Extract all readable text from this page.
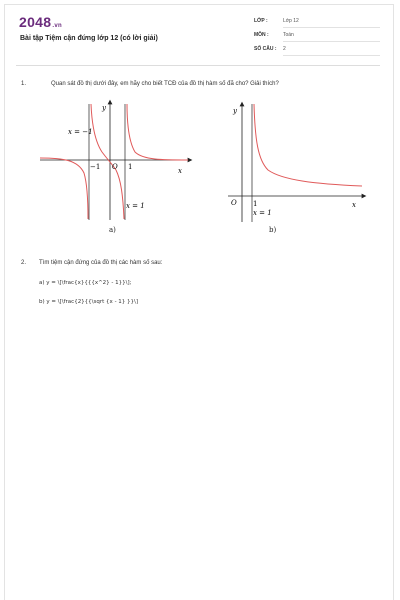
2048.vn
Bài tập Tiệm cận đứng lớp 12 (có lời giải)
LỚP :	Lớp 12
MÔN :	Toán
SỐ CÂU : 2
1.	Quan sát đồ thị dưới đây, em hãy cho biết TCĐ của đồ thị hàm số đã cho? Giải thích?
y
x
x = −1
x = 1
−1 O 1
a)
y
x
O 1
x = 1
b)
2. Tìm tiệm cận đứng của đồ thị các hàm số sau:
a) y = \[\frac{x}{{{x^2} - 1}}\];
b) y = \[\frac{2}{{\sqrt {x - 1} }}\]
